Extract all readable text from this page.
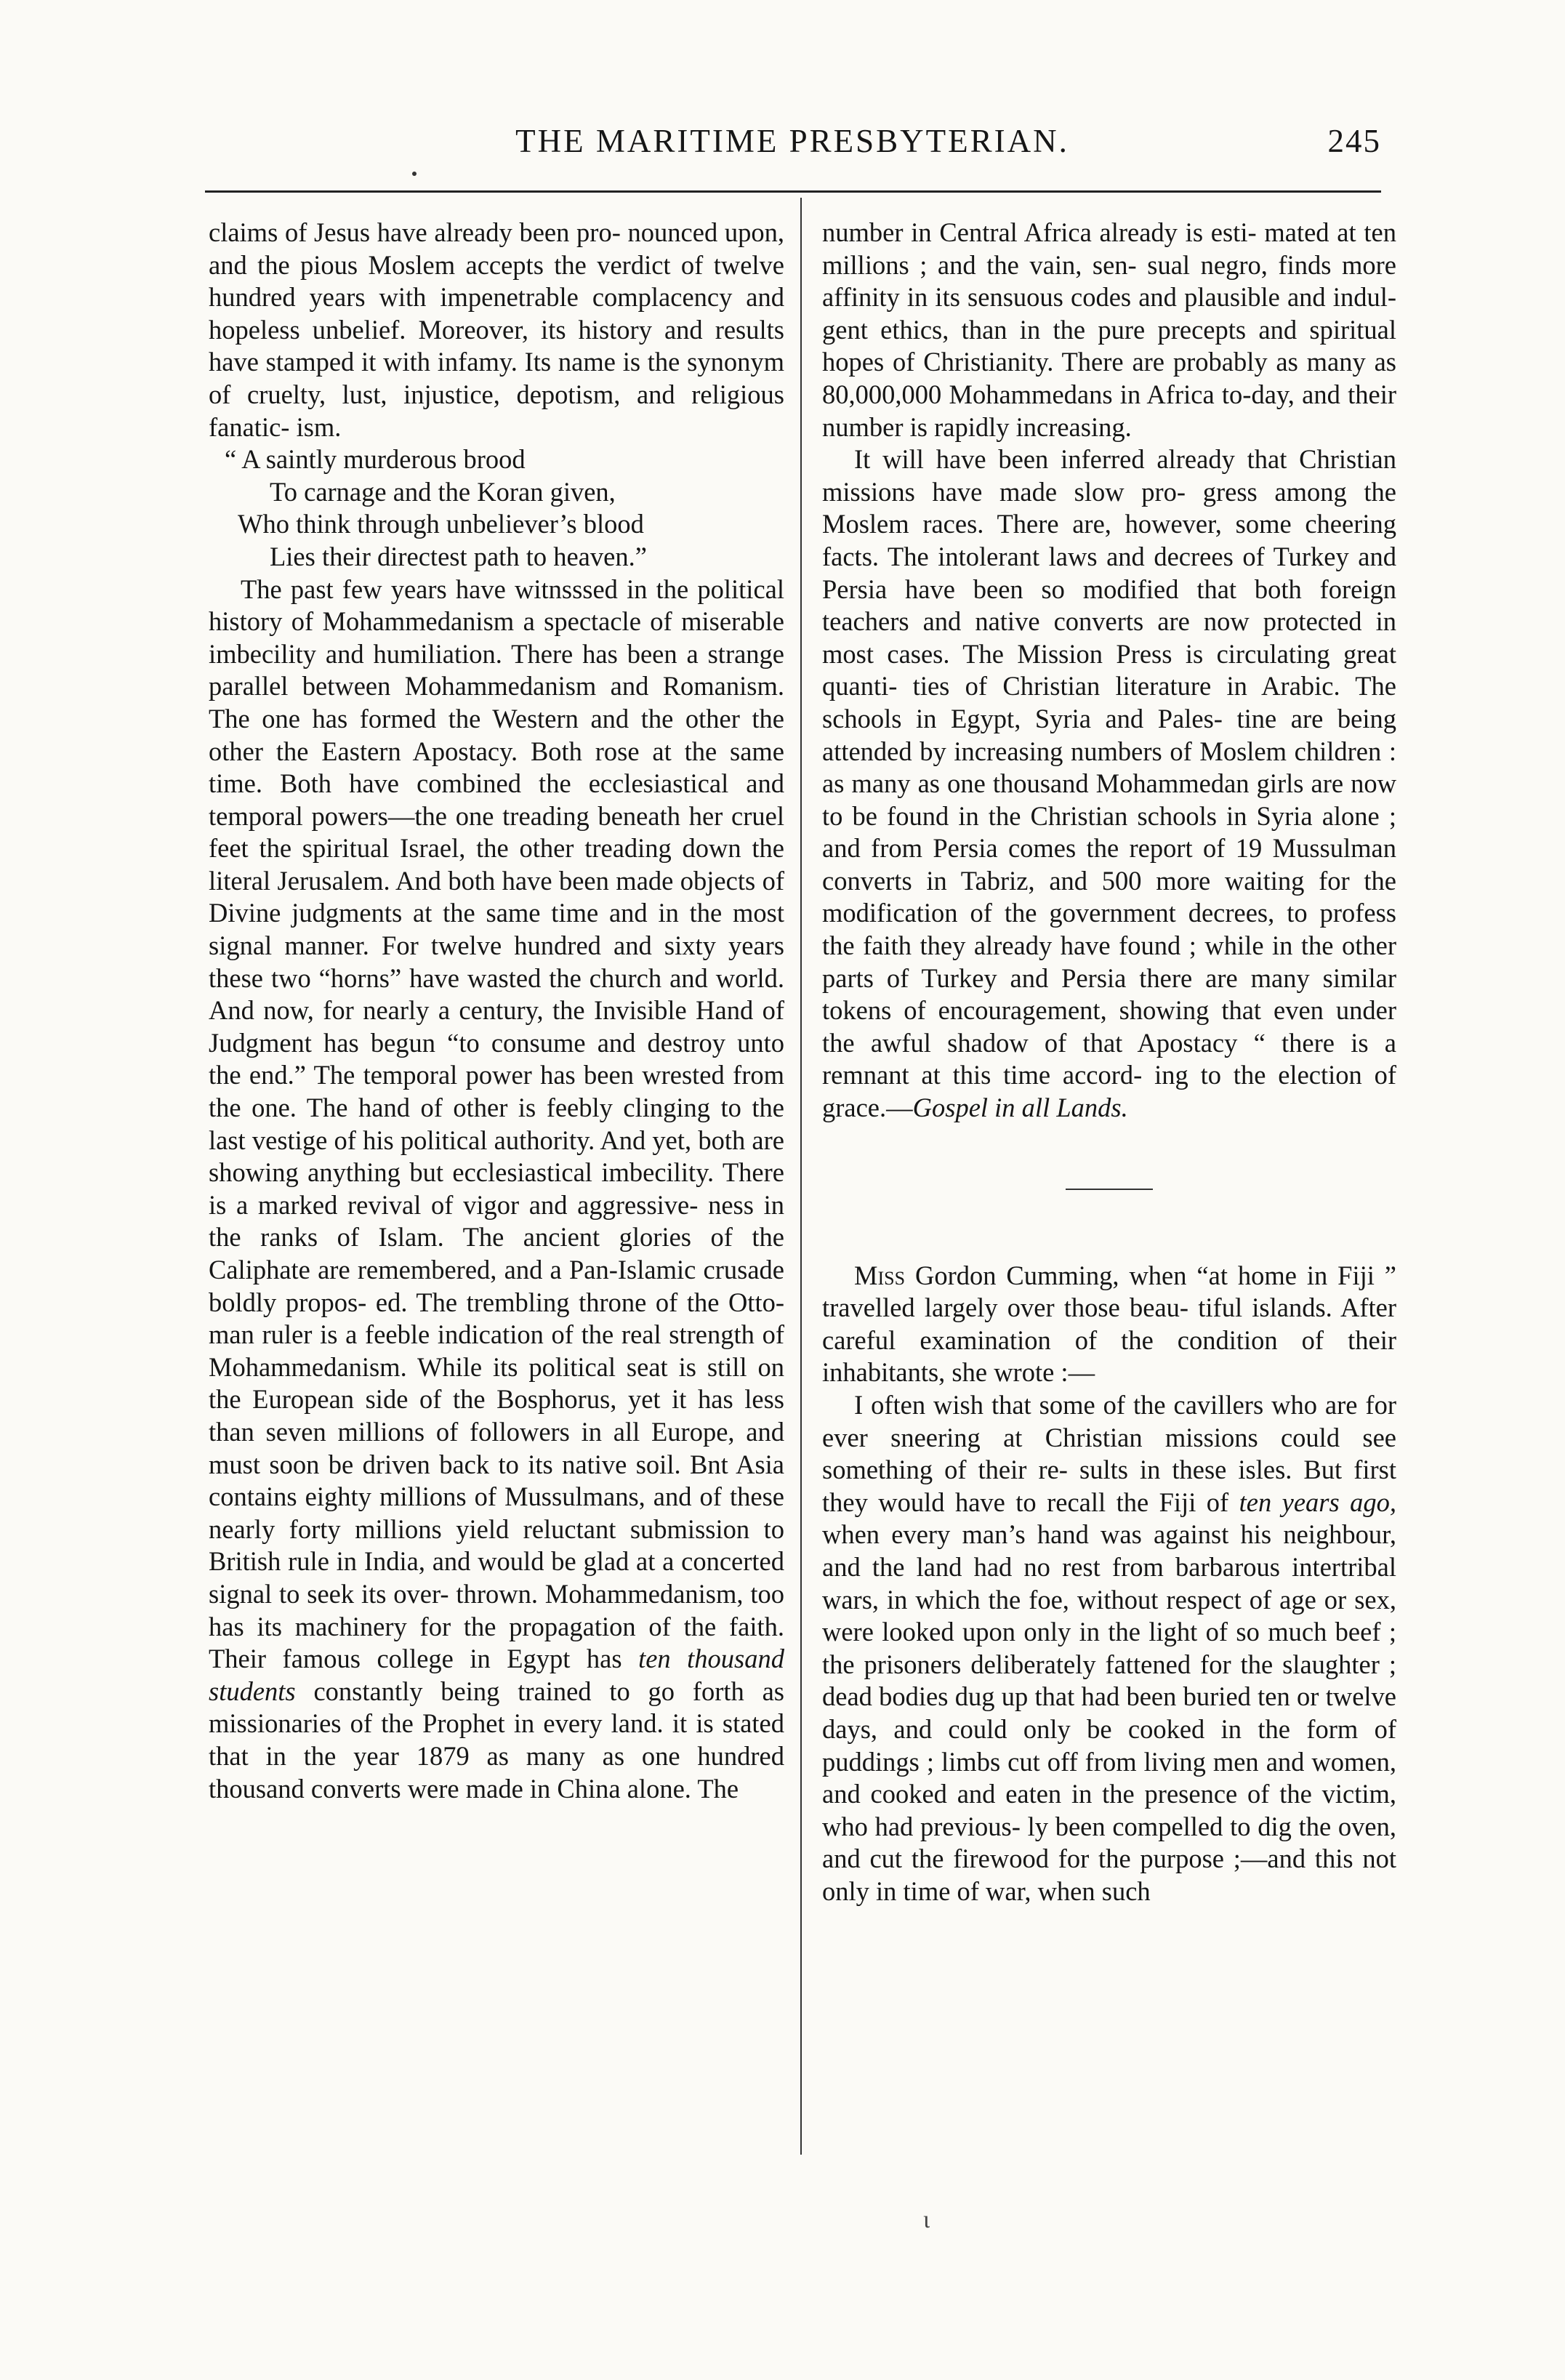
THE MARITIME PRESBYTERIAN.	245

claims of Jesus have already been pro- nounced upon, and the pious Moslem accepts the verdict of twelve hundred years with impenetrable complacency and hopeless unbelief. Moreover, its history and results have stamped it with infamy. Its name is the synonym of cruelty, lust, injustice, depotism, and religious fanatic- ism.

“ A saintly murderous brood
To carnage and the Koran given,
Who think through unbeliever’s blood
Lies their directest path to heaven.”

The past few years have witnsssed in the political history of Mohammedanism a spectacle of miserable imbecility and humiliation. There has been a strange parallel between Mohammedanism and Romanism. The one has formed the Western and the other the other the Eastern Apostacy. Both rose at the same time. Both have combined the ecclesiastical and temporal powers—the one treading beneath her cruel feet the spiritual Israel, the other treading down the literal Jerusalem. And both have been made objects of Divine judgments at the same time and in the most signal manner. For twelve hundred and sixty years these two “horns” have wasted the church and world. And now, for nearly a century, the Invisible Hand of Judgment has begun “to consume and destroy unto the end.” The temporal power has been wrested from the one. The hand of other is feebly clinging to the last vestige of his political authority. And yet, both are showing anything but ecclesiastical imbecility. There is a marked revival of vigor and aggressive- ness in the ranks of Islam. The ancient glories of the Caliphate are remembered, and a Pan-Islamic crusade boldly propos- ed. The trembling throne of the Otto- man ruler is a feeble indication of the real strength of Mohammedanism. While its political seat is still on the European side of the Bosphorus, yet it has less than seven millions of followers in all Europe, and must soon be driven back to its native soil. Bnt Asia contains eighty millions of Mussulmans, and of these nearly forty millions yield reluctant submission to British rule in India, and would be glad at a concerted signal to seek its over- thrown. Mohammedanism, too has its machinery for the propagation of the faith. Their famous college in Egypt has ten thousand students constantly being trained to go forth as missionaries of the Prophet in every land. it is stated that in the year 1879 as many as one hundred thousand converts were made in China alone. The

number in Central Africa already is esti- mated at ten millions ; and the vain, sen- sual negro, finds more affinity in its sensuous codes and plausible and indul- gent ethics, than in the pure precepts and spiritual hopes of Christianity. There are probably as many as 80,000,000 Mohammedans in Africa to-day, and their number is rapidly increasing.

It will have been inferred already that Christian missions have made slow pro- gress among the Moslem races. There are, however, some cheering facts. The intolerant laws and decrees of Turkey and Persia have been so modified that both foreign teachers and native converts are now protected in most cases. The Mission Press is circulating great quanti- ties of Christian literature in Arabic. The schools in Egypt, Syria and Pales- tine are being attended by increasing numbers of Moslem children : as many as one thousand Mohammedan girls are now to be found in the Christian schools in Syria alone ; and from Persia comes the report of 19 Mussulman converts in Tabriz, and 500 more waiting for the modification of the government decrees, to profess the faith they already have found ; while in the other parts of Turkey and Persia there are many similar tokens of encouragement, showing that even under the awful shadow of that Apostacy “ there is a remnant at this time accord- ing to the election of grace.—Gospel in all Lands.

Miss Gordon Cumming, when “at home in Fiji ” travelled largely over those beau- tiful islands. After careful examination of the condition of their inhabitants, she wrote :—

I often wish that some of the cavillers who are for ever sneering at Christian missions could see something of their re- sults in these isles. But first they would have to recall the Fiji of ten years ago, when every man’s hand was against his neighbour, and the land had no rest from barbarous intertribal wars, in which the foe, without respect of age or sex, were looked upon only in the light of so much beef ; the prisoners deliberately fattened for the slaughter ; dead bodies dug up that had been buried ten or twelve days, and could only be cooked in the form of puddings ; limbs cut off from living men and women, and cooked and eaten in the presence of the victim, who had previous- ly been compelled to dig the oven, and cut the firewood for the purpose ;—and this not only in time of war, when such

ι
